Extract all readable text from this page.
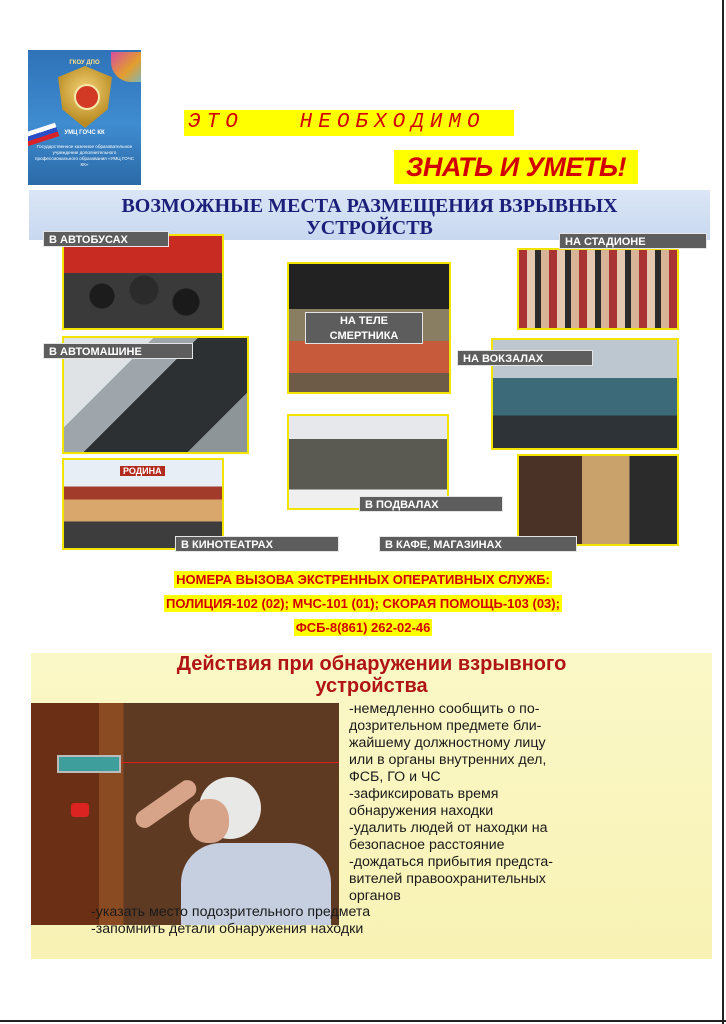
ГКОУ ДПО
УМЦ ГОЧС КК
Государственное казенное образовательное учреждение дополнительного профессионального образования «УМЦ ГОЧС КК»
ЭТО   НЕОБХОДИМО
ЗНАТЬ И УМЕТЬ!
ВОЗМОЖНЫЕ МЕСТА РАЗМЕЩЕНИЯ ВЗРЫВНЫХ
УСТРОЙСТВ
В АВТОБУСАХ
НА ТЕЛЕ
СМЕРТНИКА
НА СТАДИОНЕ
В АВТОМАШИНЕ
НА ВОКЗАЛАХ
В ПОДВАЛАХ
РОДИНА
В КИНОТЕАТРАХ	В КАФЕ, МАГАЗИНАХ
НОМЕРА ВЫЗОВА ЭКСТРЕННЫХ ОПЕРАТИВНЫХ СЛУЖБ:
ПОЛИЦИЯ-102 (02); МЧС-101 (01); СКОРАЯ ПОМОЩЬ-103 (03);
ФСБ-8(861) 262-02-46
Действия при обнаружении взрывного
устройства
-немедленно сообщить о по-
дозрительном предмете бли-
жайшему должностному лицу
или в органы внутренних дел,
ФСБ, ГО и ЧС
-зафиксировать время
обнаружения находки
-удалить людей от находки на
безопасное расстояние
-дождаться прибытия предста-
вителей правоохранительных
органов
-указать место подозрительного предмета
-запомнить детали обнаружения находки
